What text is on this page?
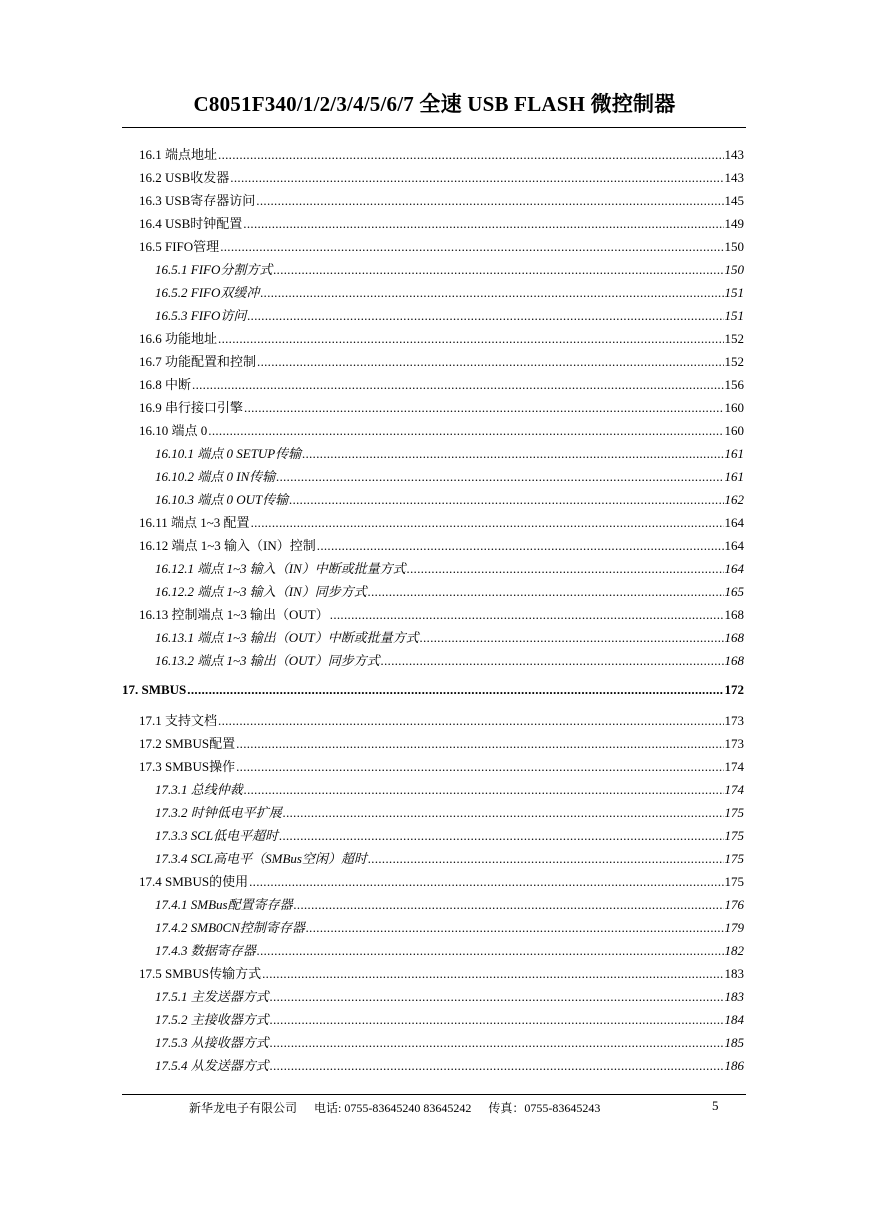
C8051F340/1/2/3/4/5/6/7 全速 USB FLASH 微控制器
16.1 端点地址 .....	143
16.2 USB收发器 .....	143
16.3 USB寄存器访问 .....	145
16.4 USB时钟配置 .....	149
16.5 FIFO管理 .....	150
16.5.1 FIFO分割方式 .....	150
16.5.2 FIFO双缓冲 .....	151
16.5.3 FIFO访问 .....	151
16.6 功能地址 .....	152
16.7 功能配置和控制 .....	152
16.8 中断 .....	156
16.9 串行接口引擎 .....	160
16.10 端点 0 .....	160
16.10.1 端点 0 SETUP传输 .....	161
16.10.2 端点 0 IN传输 .....	161
16.10.3 端点 0 OUT传输 .....	162
16.11 端点 1~3 配置 .....	164
16.12 端点 1~3 输入（IN）控制 .....	164
16.12.1 端点 1~3 输入（IN）中断或批量方式 .....	164
16.12.2 端点 1~3 输入（IN）同步方式 .....	165
16.13 控制端点 1~3 输出（OUT） .....	168
16.13.1 端点 1~3 输出（OUT）中断或批量方式 .....	168
16.13.2 端点 1~3 输出（OUT）同步方式 .....	168
17. SMBUS .....	172
17.1 支持文档 .....	173
17.2 SMBUS配置 .....	173
17.3 SMBUS操作 .....	174
17.3.1 总线仲裁 .....	174
17.3.2 时钟低电平扩展 .....	175
17.3.3 SCL低电平超时 .....	175
17.3.4 SCL高电平（SMBus空闲）超时 .....	175
17.4 SMBUS的使用 .....	175
17.4.1 SMBus配置寄存器 .....	176
17.4.2 SMB0CN控制寄存器 .....	179
17.4.3 数据寄存器 .....	182
17.5 SMBUS传输方式 .....	183
17.5.1 主发送器方式 .....	183
17.5.2 主接收器方式 .....	184
17.5.3 从接收器方式 .....	185
17.5.4 从发送器方式 .....	186
新华龙电子有限公司 电话: 0755-83645240 83645242 传真：0755-83645243	5
